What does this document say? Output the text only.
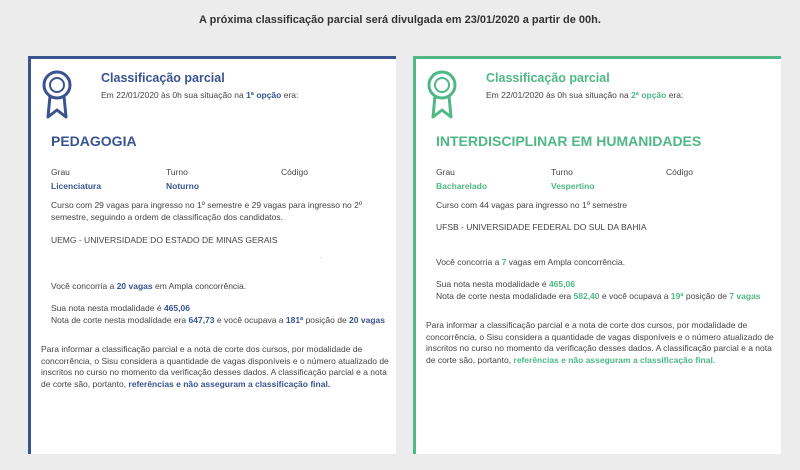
A próxima classificação parcial será divulgada em 23/01/2020 a partir de 00h.
Classificação parcial
Em 22/01/2020 às 0h sua situação na 1ª opção era:
PEDAGOGIA
Grau
Licenciatura
Turno
Noturno
Código
Curso com 29 vagas para ingresso no 1º semestre e 29 vagas para ingresso no 2º semestre, seguindo a ordem de classificação dos candidatos.
UEMG - UNIVERSIDADE DO ESTADO DE MINAS GERAIS
.
Você concorria a 20 vagas em Ampla concorrência.
Sua nota nesta modalidade é 465,06
Nota de corte nesta modalidade era 647,73 e você ocupava a 181ª posição de 20 vagas
Para informar a classificação parcial e a nota de corte dos cursos, por modalidade de concorrência, o Sisu considera a quantidade de vagas disponíveis e o número atualizado de inscritos no curso no momento da verificação desses dados. A classificação parcial e a nota de corte são, portanto, referências e não asseguram a classificação final.
Classificação parcial
Em 22/01/2020 às 0h sua situação na 2ª opção era:
INTERDISCIPLINAR EM HUMANIDADES
Grau
Bacharelado
Turno
Vespertino
Código
Curso com 44 vagas para ingresso no 1º semestre
UFSB - UNIVERSIDADE FEDERAL DO SUL DA BAHIA
Você concorria a 7 vagas em Ampla concorrência.
Sua nota nesta modalidade é 465,06
Nota de corte nesta modalidade era 582,40 e você ocupava a 19ª posição de 7 vagas
Para informar a classificação parcial e a nota de corte dos cursos, por modalidade de concorrência, o Sisu considera a quantidade de vagas disponíveis e o número atualizado de inscritos no curso no momento da verificação desses dados. A classificação parcial e a nota de corte são, portanto, referências e não asseguram a classificação final.
